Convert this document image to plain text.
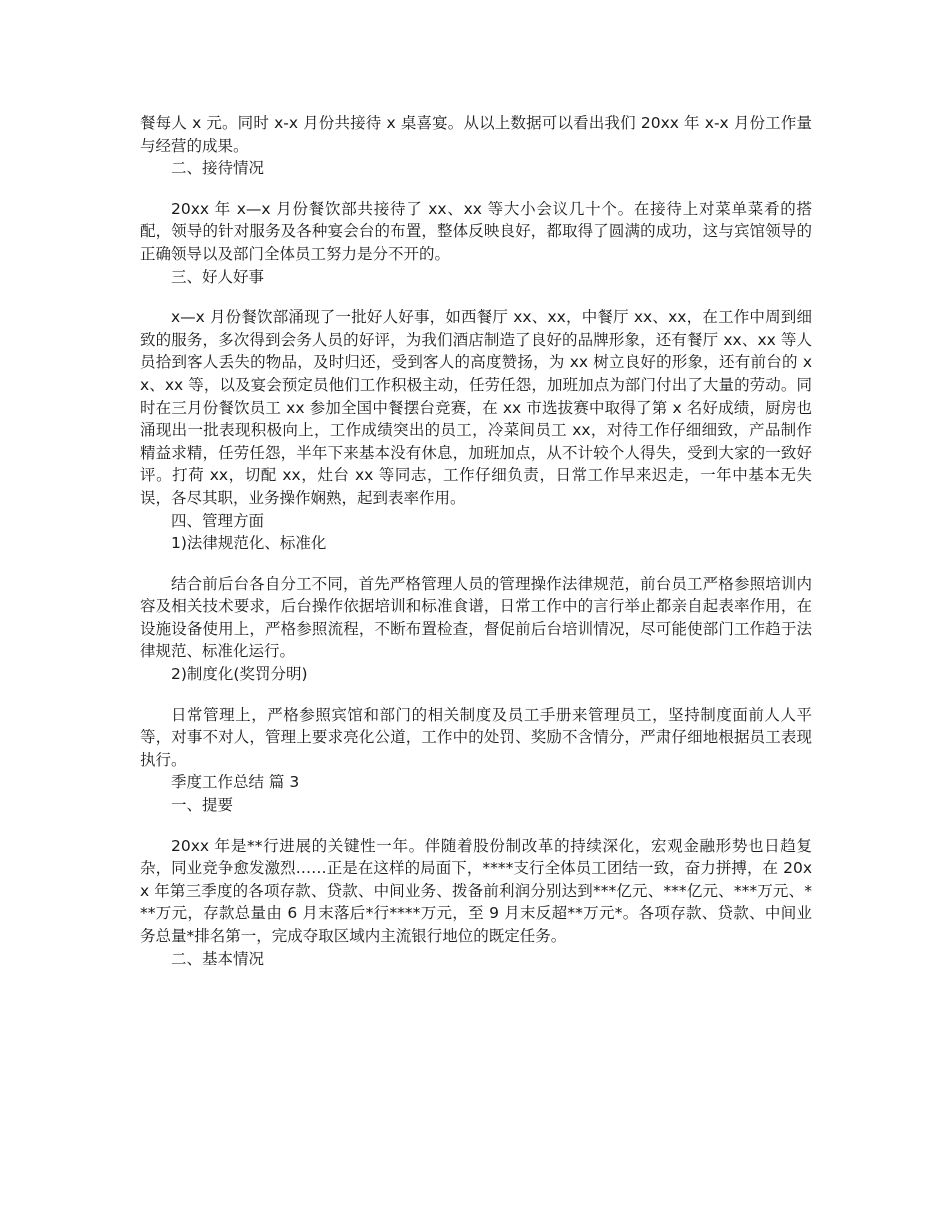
餐每人 x 元。同时 x-x 月份共接待 x 桌喜宴。从以上数据可以看出我们 20xx 年 x-x 月份工作量与经营的成果。

二、接待情况

20xx 年 x—x 月份餐饮部共接待了 xx、xx 等大小会议几十个。在接待上对菜单菜肴的搭配，领导的针对服务及各种宴会台的布置，整体反映良好，都取得了圆满的成功，这与宾馆领导的正确领导以及部门全体员工努力是分不开的。

三、好人好事

x—x 月份餐饮部涌现了一批好人好事，如西餐厅 xx、xx，中餐厅 xx、xx，在工作中周到细致的服务，多次得到会务人员的好评，为我们酒店制造了良好的品牌形象，还有餐厅 xx、xx 等人员拾到客人丢失的物品，及时归还，受到客人的高度赞扬，为 xx 树立良好的形象，还有前台的 xx、xx 等，以及宴会预定员他们工作积极主动，任劳任怨，加班加点为部门付出了大量的劳动。同时在三月份餐饮员工 xx 参加全国中餐摆台竞赛，在 xx 市选拔赛中取得了第 x 名好成绩，厨房也涌现出一批表现积极向上，工作成绩突出的员工，冷菜间员工 xx，对待工作仔细细致，产品制作精益求精，任劳任怨，半年下来基本没有休息，加班加点，从不计较个人得失，受到大家的一致好评。打荷 xx，切配 xx，灶台 xx 等同志，工作仔细负责，日常工作早来迟走，一年中基本无失误，各尽其职，业务操作娴熟，起到表率作用。

四、管理方面

1)法律规范化、标准化

结合前后台各自分工不同，首先严格管理人员的管理操作法律规范，前台员工严格参照培训内容及相关技术要求，后台操作依据培训和标准食谱，日常工作中的言行举止都亲自起表率作用，在设施设备使用上，严格参照流程，不断布置检查，督促前后台培训情况，尽可能使部门工作趋于法律规范、标准化运行。

2)制度化(奖罚分明)

日常管理上，严格参照宾馆和部门的相关制度及员工手册来管理员工，坚持制度面前人人平等，对事不对人，管理上要求亮化公道，工作中的处罚、奖励不含情分，严肃仔细地根据员工表现执行。

季度工作总结 篇 3

一、提要

20xx 年是**行进展的关键性一年。伴随着股份制改革的持续深化，宏观金融形势也日趋复杂，同业竞争愈发激烈……正是在这样的局面下，****支行全体员工团结一致，奋力拼搏，在 20xx 年第三季度的各项存款、贷款、中间业务、拨备前利润分别达到***亿元、***亿元、***万元、***万元，存款总量由 6 月末落后*行****万元，至 9 月末反超**万元*。各项存款、贷款、中间业务总量*排名第一，完成夺取区域内主流银行地位的既定任务。

二、基本情况
